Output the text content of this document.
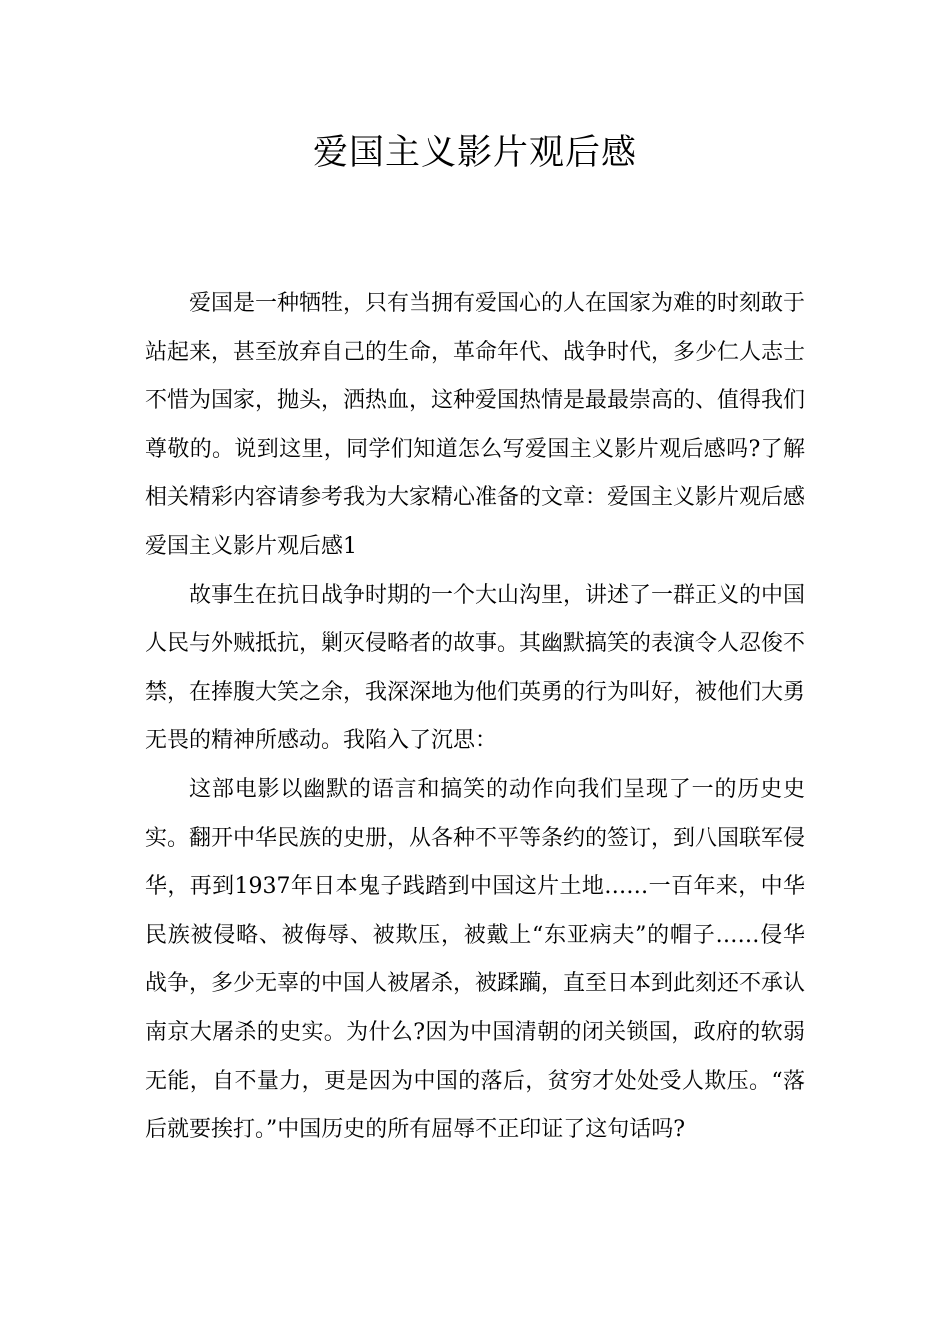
爱国主义影片观后感

爱国是一种牺牲，只有当拥有爱国心的人在国家为难的时刻敢于站起来，甚至放弃自己的生命，革命年代、战争时代，多少仁人志士不惜为国家，抛头，洒热血，这种爱国热情是最最崇高的、值得我们尊敬的。说到这里，同学们知道怎么写爱国主义影片观后感吗?了解相关精彩内容请参考我为大家精心准备的文章：爱国主义影片观后感爱国主义影片观后感1

故事生在抗日战争时期的一个大山沟里，讲述了一群正义的中国人民与外贼抵抗，剿灭侵略者的故事。其幽默搞笑的表演令人忍俊不禁，在捧腹大笑之余，我深深地为他们英勇的行为叫好，被他们大勇无畏的精神所感动。我陷入了沉思：

这部电影以幽默的语言和搞笑的动作向我们呈现了一的历史史实。翻开中华民族的史册，从各种不平等条约的签订，到八国联军侵华，再到1937年日本鬼子践踏到中国这片土地……一百年来，中华民族被侵略、被侮辱、被欺压，被戴上“东亚病夫”的帽子……侵华战争，多少无辜的中国人被屠杀，被蹂躏，直至日本到此刻还不承认南京大屠杀的史实。为什么?因为中国清朝的闭关锁国，政府的软弱无能，自不量力，更是因为中国的落后，贫穷才处处受人欺压。“落后就要挨打。”中国历史的所有屈辱不正印证了这句话吗?
